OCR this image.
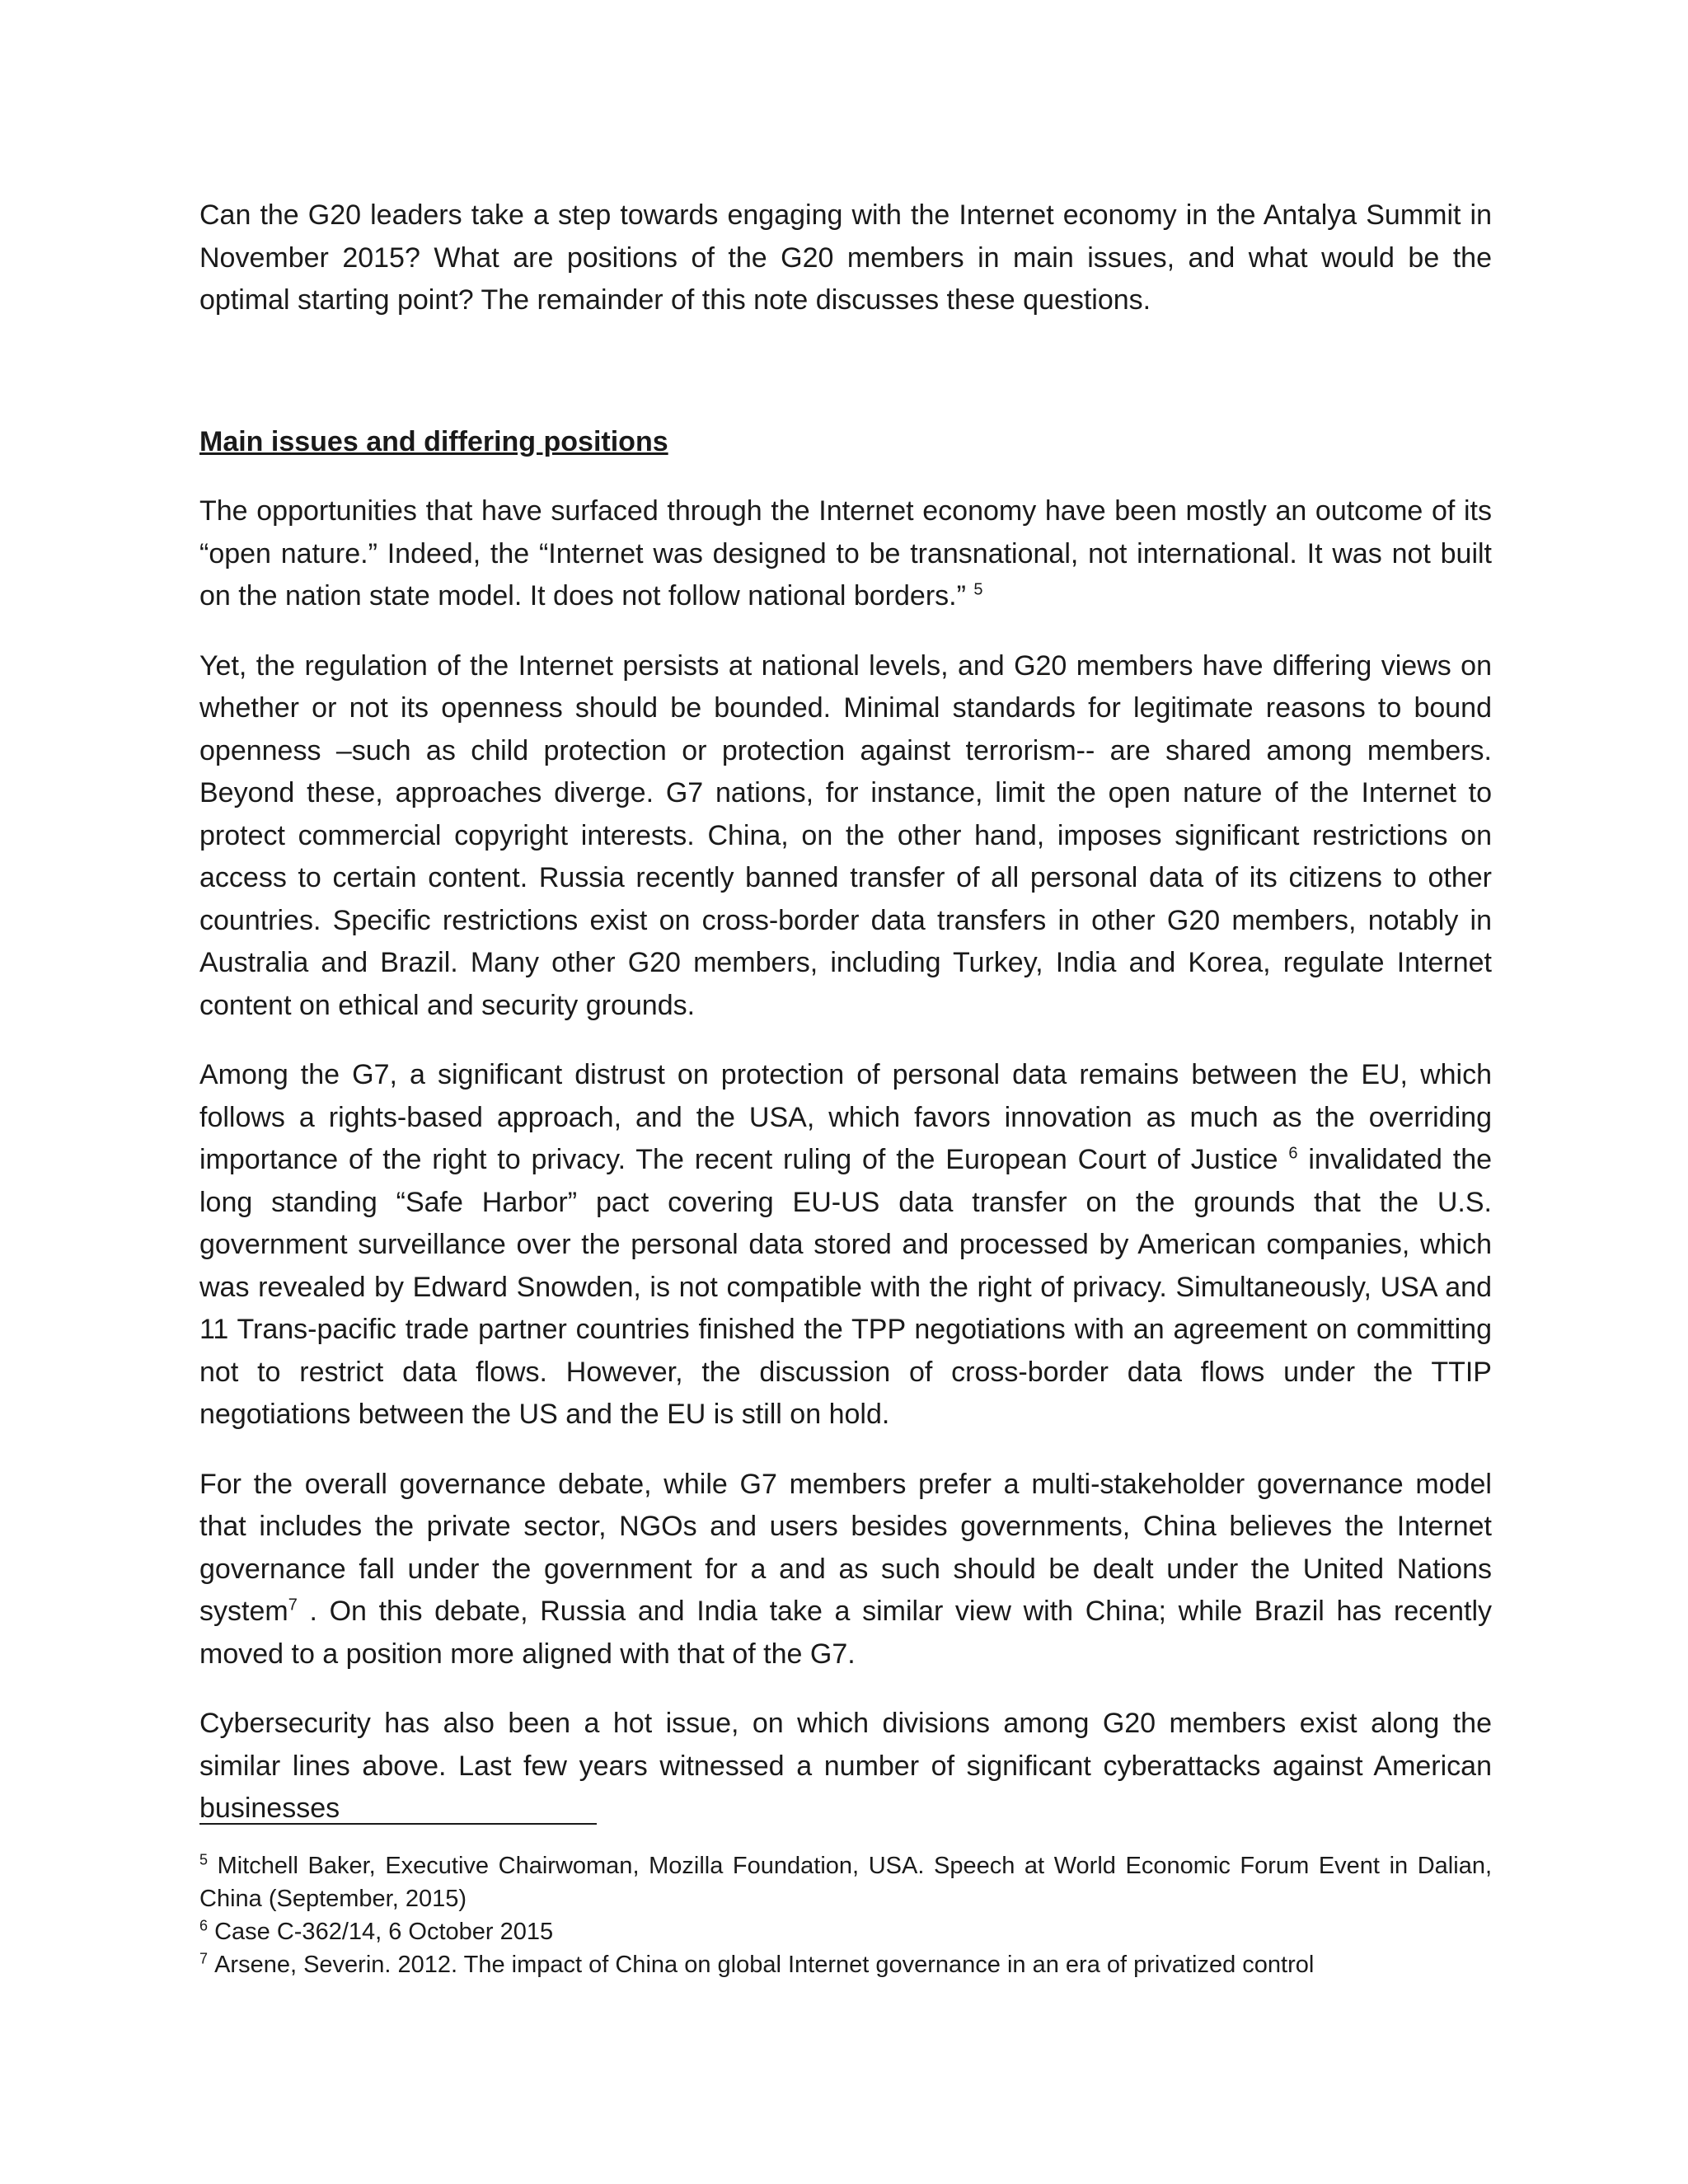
Can the G20 leaders take a step towards engaging with the Internet economy in the Antalya Summit in November 2015? What are positions of the G20 members in main issues, and what would be the optimal starting point? The remainder of this note discusses these questions.

Main issues and differing positions

The opportunities that have surfaced through the Internet economy have been mostly an outcome of its “open nature.” Indeed, the “Internet was designed to be transnational, not international. It was not built on the nation state model. It does not follow national borders.” $^5$

Yet, the regulation of the Internet persists at national levels, and G20 members have differing views on whether or not its openness should be bounded. Minimal standards for legitimate reasons to bound openness –such as child protection or protection against terrorism-- are shared among members. Beyond these, approaches diverge. G7 nations, for instance, limit the open nature of the Internet to protect commercial copyright interests. China, on the other hand, imposes significant restrictions on access to certain content. Russia recently banned transfer of all personal data of its citizens to other countries. Specific restrictions exist on cross-border data transfers in other G20 members, notably in Australia and Brazil. Many other G20 members, including Turkey, India and Korea, regulate Internet content on ethical and security grounds.

Among the G7, a significant distrust on protection of personal data remains between the EU, which follows a rights-based approach, and the USA, which favors innovation as much as the overriding importance of the right to privacy. The recent ruling of the European Court of Justice $^6$ invalidated the long standing “Safe Harbor” pact covering EU-US data transfer on the grounds that the U.S. government surveillance over the personal data stored and processed by American companies, which was revealed by Edward Snowden, is not compatible with the right of privacy. Simultaneously, USA and 11 Trans-pacific trade partner countries finished the TPP negotiations with an agreement on committing not to restrict data flows. However, the discussion of cross-border data flows under the TTIP negotiations between the US and the EU is still on hold.

For the overall governance debate, while G7 members prefer a multi-stakeholder governance model that includes the private sector, NGOs and users besides governments, China believes the Internet governance fall under the government for a and as such should be dealt under the United Nations system$^7$ . On this debate, Russia and India take a similar view with China; while Brazil has recently moved to a position more aligned with that of the G7.

Cybersecurity has also been a hot issue, on which divisions among G20 members exist along the similar lines above. Last few years witnessed a number of significant cyberattacks against American businesses

$^5$ Mitchell Baker, Executive Chairwoman, Mozilla Foundation, USA. Speech at World Economic Forum Event in Dalian, China (September, 2015)

$^6$ Case C-362/14, 6 October 2015

$^7$ Arsene, Severin. 2012. The impact of China on global Internet governance in an era of privatized control
